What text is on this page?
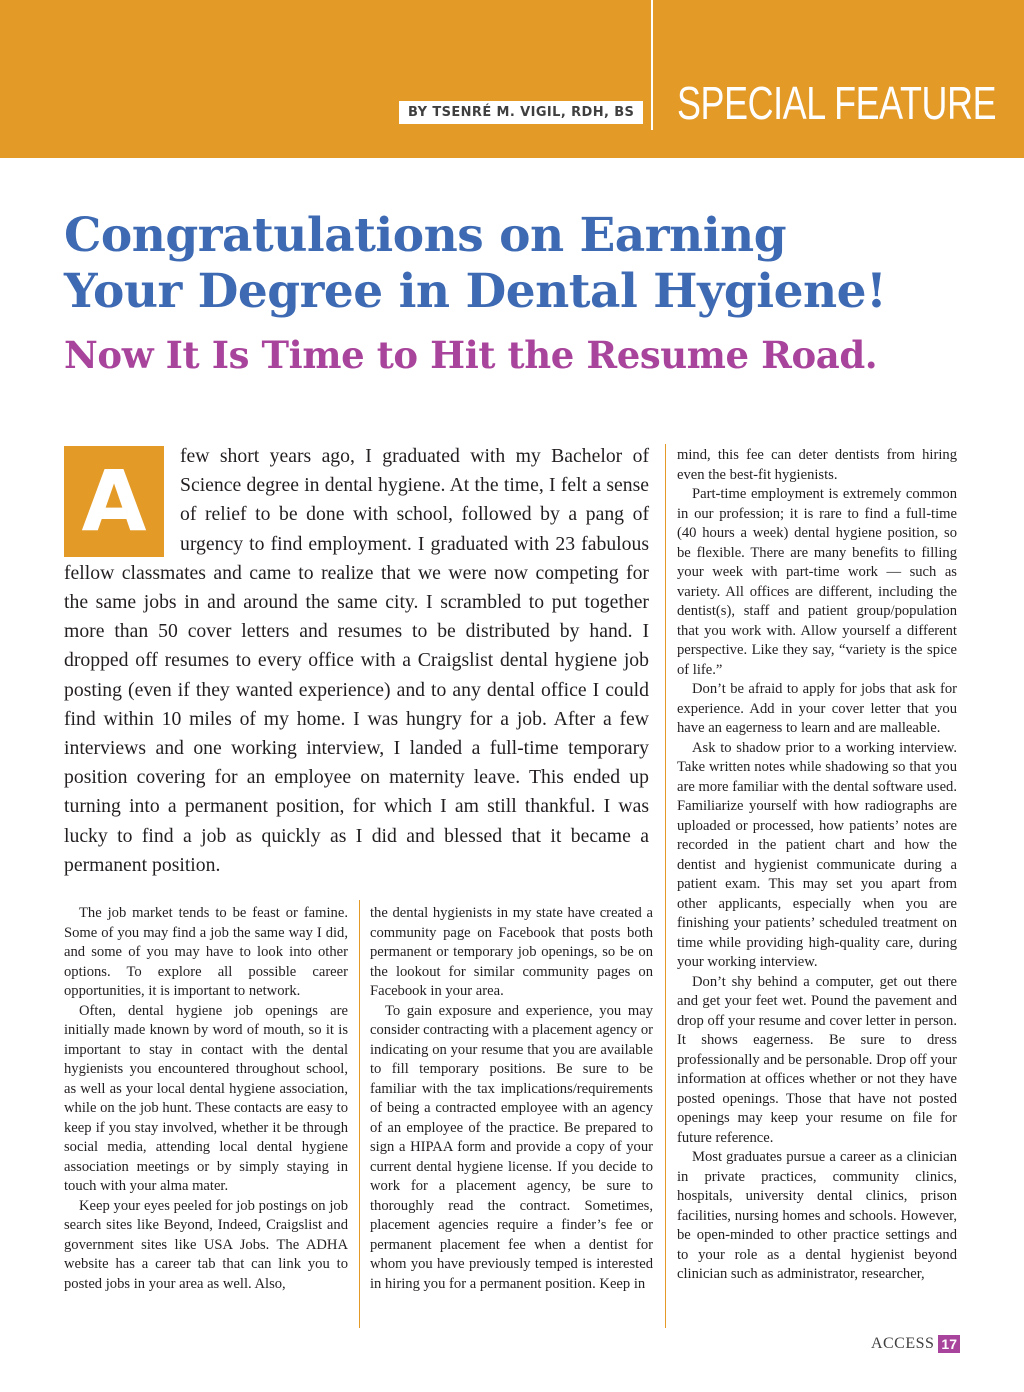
BY TSENRÉ M. VIGIL, RDH, BS SPECIAL FEATURE
Congratulations on Earning
Your Degree in Dental Hygiene!
Now It Is Time to Hit the Resume Road.
A	few short years ago, I graduated with my Bachelor of Science degree in dental hygiene. At the time, I felt a sense of relief to be done with school, followed by a pang of urgency to find employment. I graduated with 23 fabulous fellow classmates and came to realize that we were now competing for the same jobs in and around the same city. I scrambled to put together more than 50 cover letters and resumes to be distributed by hand. I dropped off resumes to every office with a Craigslist dental hygiene job posting (even if they wanted experience) and to any dental office I could find within 10 miles of my home. I was hungry for a job. After a few interviews and one working interview, I landed a full-time temporary position covering for an employee on maternity leave. This ended up turning into a permanent position, for which I am still thankful. I was lucky to find a job as quickly as I did and blessed that it became a permanent position.

The job market tends to be feast or famine. Some of you may find a job the same way I did, and some of you may have to look into other options. To explore all possible career opportunities, it is important to network.

Often, dental hygiene job openings are initially made known by word of mouth, so it is important to stay in contact with the dental hygienists you encountered throughout school, as well as your local dental hygiene association, while on the job hunt. These contacts are easy to keep if you stay involved, whether it be through social media, attending local dental hygiene association meetings or by simply staying in touch with your alma mater.

Keep your eyes peeled for job postings on job search sites like Beyond, Indeed, Craigslist and government sites like USA Jobs. The ADHA website has a career tab that can link you to posted jobs in your area as well. Also,

the dental hygienists in my state have created a community page on Facebook that posts both permanent or temporary job openings, so be on the lookout for similar community pages on Facebook in your area.

To gain exposure and experience, you may consider contracting with a placement agency or indicating on your resume that you are available to fill temporary positions. Be sure to be familiar with the tax implications/requirements of being a contracted employee with an agency of an employee of the practice. Be prepared to sign a HIPAA form and provide a copy of your current dental hygiene license. If you decide to work for a placement agency, be sure to thoroughly read the contract. Sometimes, placement agencies require a finder’s fee or permanent placement fee when a dentist for whom you have previously temped is interested in hiring you for a permanent position. Keep in

mind, this fee can deter dentists from hiring even the best-fit hygienists.

Part-time employment is extremely common in our profession; it is rare to find a full-time (40 hours a week) dental hygiene position, so be flexible. There are many benefits to filling your week with part-time work — such as variety. All offices are different, including the dentist(s), staff and patient group/population that you work with. Allow yourself a different perspective. Like they say, “variety is the spice of life.”

Don’t be afraid to apply for jobs that ask for experience. Add in your cover letter that you have an eagerness to learn and are malleable.

Ask to shadow prior to a working interview. Take written notes while shadowing so that you are more familiar with the dental software used. Familiarize yourself with how radiographs are uploaded or processed, how patients’ notes are recorded in the patient chart and how the dentist and hygienist communicate during a patient exam. This may set you apart from other applicants, especially when you are finishing your patients’ scheduled treatment on time while providing high-quality care, during your working interview.

Don’t shy behind a computer, get out there and get your feet wet. Pound the pavement and drop off your resume and cover letter in person. It shows eagerness. Be sure to dress professionally and be personable. Drop off your information at offices whether or not they have posted openings. Those that have not posted openings may keep your resume on file for future reference.

Most graduates pursue a career as a clinician in private practices, community clinics, hospitals, university dental clinics, prison facilities, nursing homes and schools. However, be open-minded to other practice settings and to your role as a dental hygienist beyond clinician such as administrator, researcher,

ACCESS 17
